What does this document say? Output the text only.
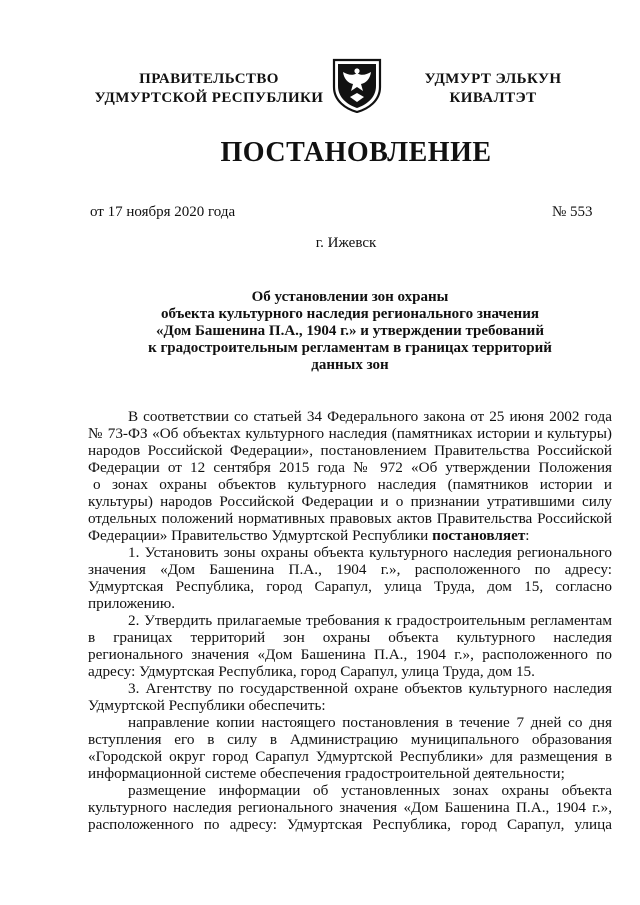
ПРАВИТЕЛЬСТВО
УДМУРТСКОЙ РЕСПУБЛИКИ
УДМУРТ ЭЛЬКУН
КИВАЛТЭТ
ПОСТАНОВЛЕНИЕ
от 17 ноября 2020 года	№ 553
г. Ижевск
Об установлении зон охраны
объекта культурного наследия регионального значения
«Дом Башенина П.А., 1904 г.» и утверждении требований
к градостроительным регламентам в границах территорий
данных зон
В соответствии со статьей 34 Федерального закона от 25 июня 2002 года
№ 73-ФЗ «Об объектах культурного наследия (памятниках истории и культуры)
народов Российской Федерации», постановлением Правительства Российской
Федерации от 12 сентября 2015 года № 972 «Об утверждении Положения
о зонах охраны объектов культурного наследия (памятников истории и
культуры) народов Российской Федерации и о признании утратившими силу
отдельных положений нормативных правовых актов Правительства Российской
Федерации» Правительство Удмуртской Республики постановляет:
1. Установить зоны охраны объекта культурного наследия регионального
значения «Дом Башенина П.А., 1904 г.», расположенного по адресу:
Удмуртская Республика, город Сарапул, улица Труда, дом 15, согласно
приложению.
2. Утвердить прилагаемые требования к градостроительным регламентам
в границах территорий зон охраны объекта культурного наследия
регионального значения «Дом Башенина П.А., 1904 г.», расположенного по
адресу: Удмуртская Республика, город Сарапул, улица Труда, дом 15.
3. Агентству по государственной охране объектов культурного наследия
Удмуртской Республики обеспечить:
направление копии настоящего постановления в течение 7 дней со дня
вступления его в силу в Администрацию муниципального образования
«Городской округ город Сарапул Удмуртской Республики» для размещения в
информационной системе обеспечения градостроительной деятельности;
размещение информации об установленных зонах охраны объекта
культурного наследия регионального значения «Дом Башенина П.А., 1904 г.»,
расположенного по адресу: Удмуртская Республика, город Сарапул, улица
